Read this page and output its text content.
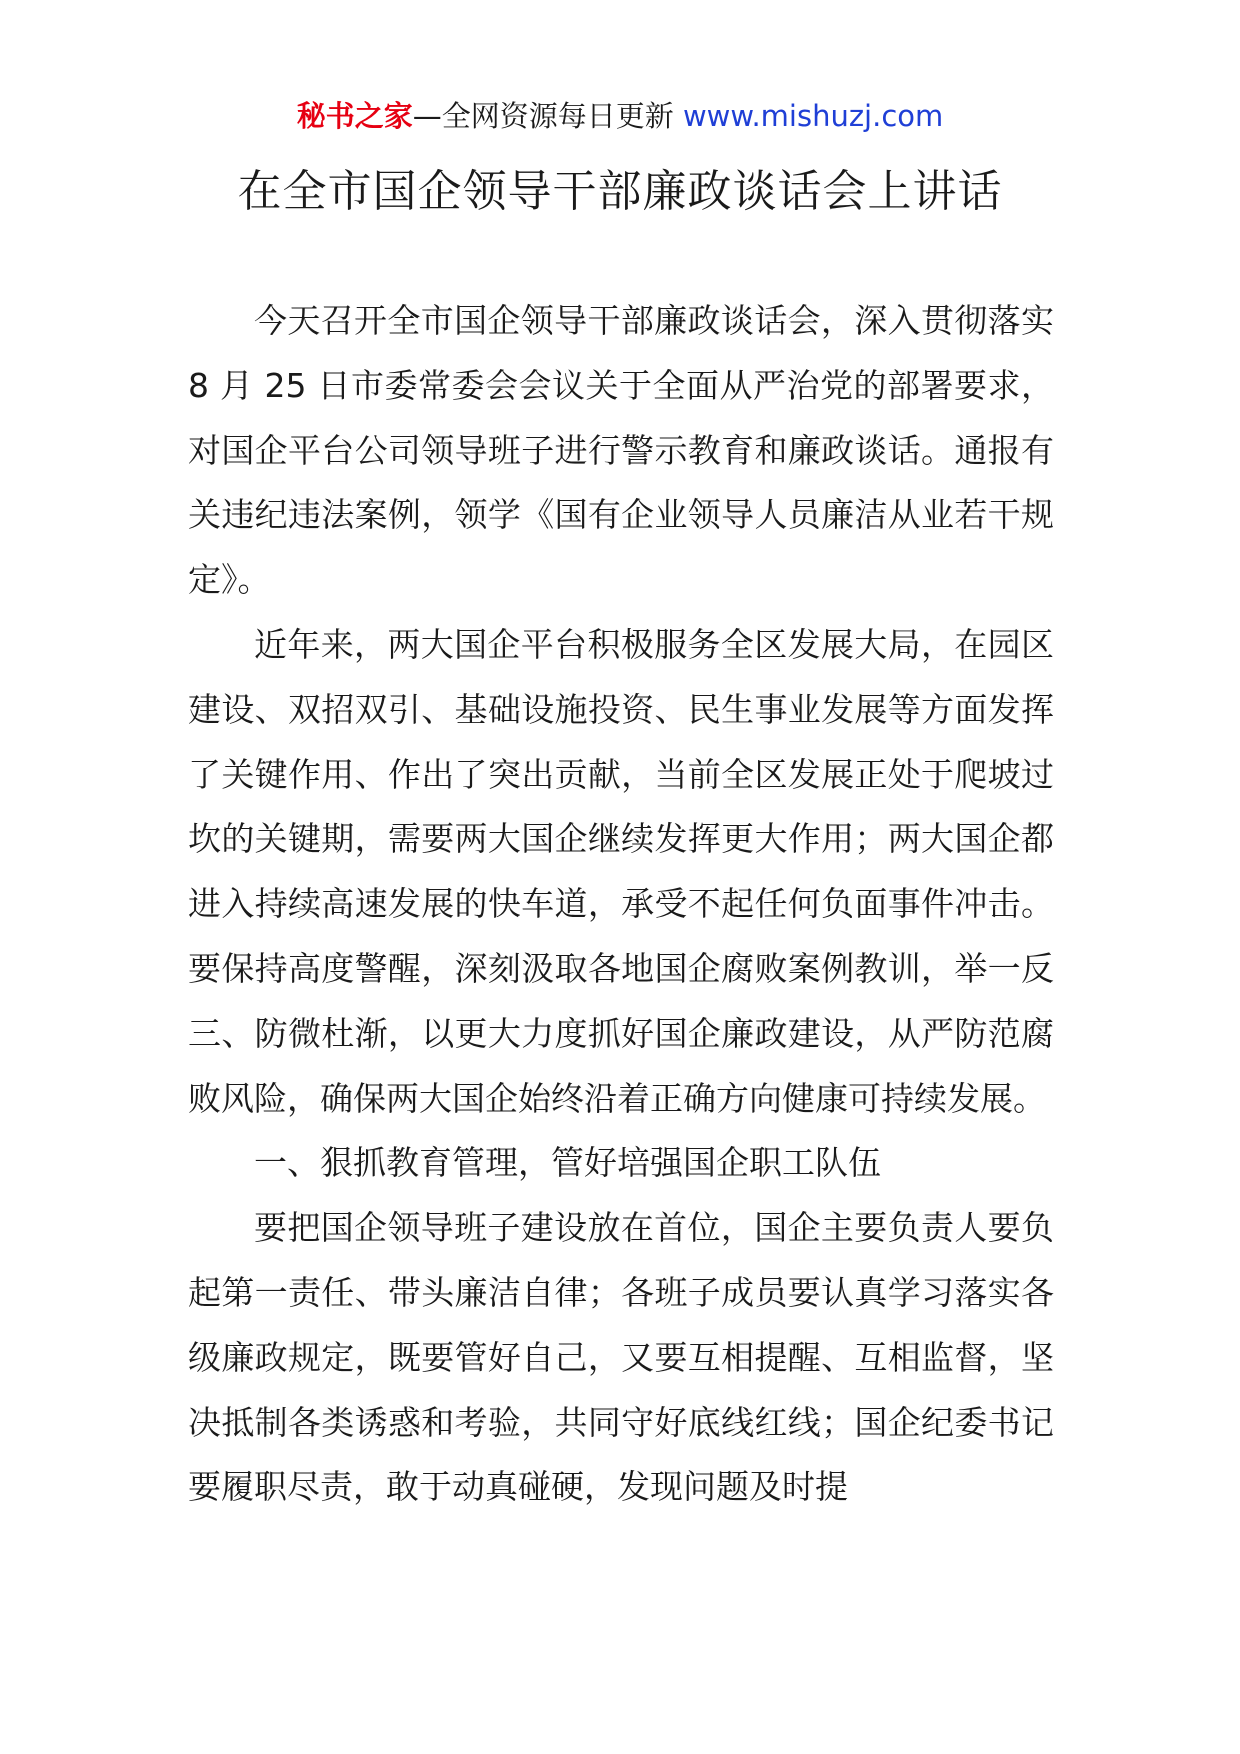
秘书之家—全网资源每日更新 www.mishuzj.com
在全市国企领导干部廉政谈话会上讲话

今天召开全市国企领导干部廉政谈话会，深入贯彻落实 8 月 25 日市委常委会会议关于全面从严治党的部署要求，对国企平台公司领导班子进行警示教育和廉政谈话。通报有关违纪违法案例，领学《国有企业领导人员廉洁从业若干规定》。

近年来，两大国企平台积极服务全区发展大局，在园区建设、双招双引、基础设施投资、民生事业发展等方面发挥了关键作用、作出了突出贡献，当前全区发展正处于爬坡过坎的关键期，需要两大国企继续发挥更大作用；两大国企都进入持续高速发展的快车道，承受不起任何负面事件冲击。要保持高度警醒，深刻汲取各地国企腐败案例教训，举一反三、防微杜渐，以更大力度抓好国企廉政建设，从严防范腐败风险，确保两大国企始终沿着正确方向健康可持续发展。

一、狠抓教育管理，管好培强国企职工队伍

要把国企领导班子建设放在首位，国企主要负责人要负起第一责任、带头廉洁自律；各班子成员要认真学习落实各级廉政规定，既要管好自己，又要互相提醒、互相监督，坚决抵制各类诱惑和考验，共同守好底线红线；国企纪委书记要履职尽责，敢于动真碰硬，发现问题及时提
